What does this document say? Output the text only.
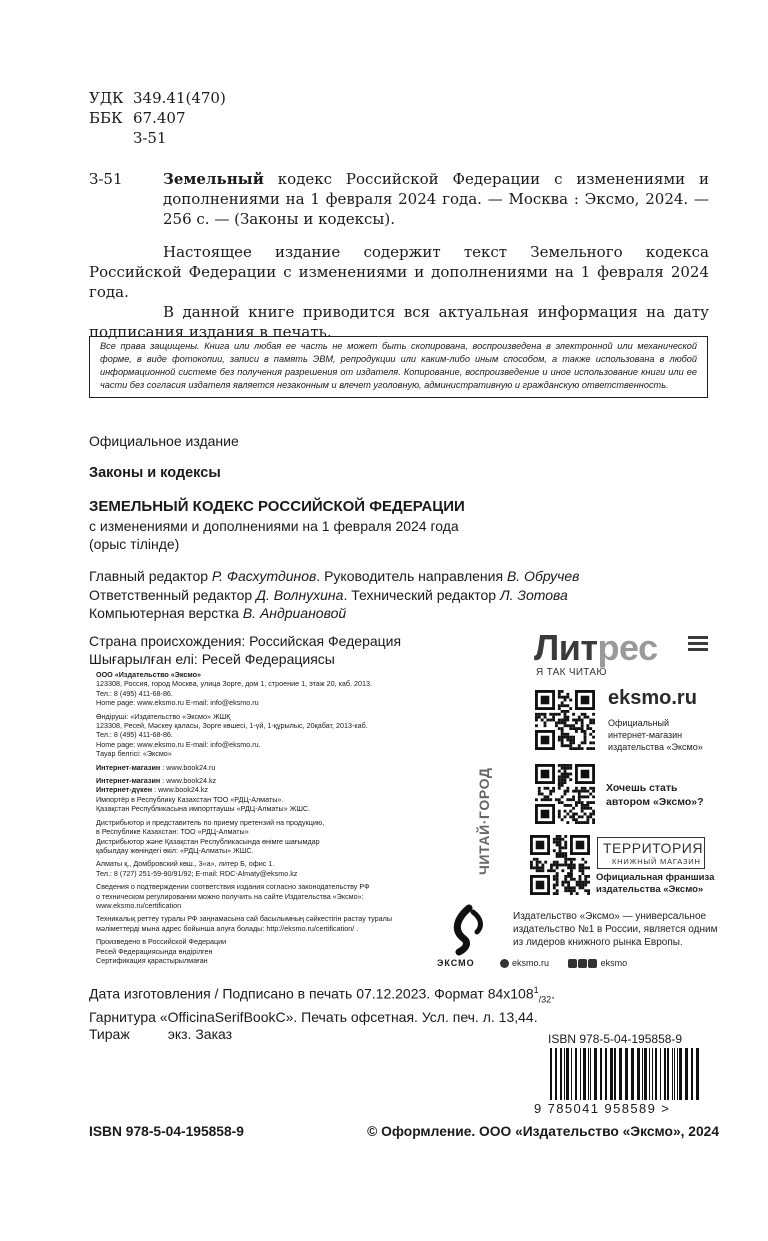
УДК 349.41(470)
ББК 67.407
З-51
З-51	Земельный кодекс Российской Федерации с изменениями и дополнениями на 1 февраля 2024 года. — Москва : Эксмо, 2024. — 256 с. — (Законы и кодексы).

Настоящее издание содержит текст Земельного кодекса Российской Федерации с изменениями и дополнениями на 1 февраля 2024 года.

В данной книге приводится вся актуальная информация на дату подписания издания в печать.

Все права защищены. Книга или любая ее часть не может быть скопирована, воспроизведена в электронной или механической форме, в виде фотокопии, записи в память ЭВМ, репродукции или каким-либо иным способом, а также использована в любой информационной системе без получения разрешения от издателя. Копирование, воспроизведение и иное использование книги или ее части без согласия издателя является незаконным и влечет уголовную, административную и гражданскую ответственность.
Официальное издание
Законы и кодексы
ЗЕМЕЛЬНЫЙ КОДЕКС РОССИЙСКОЙ ФЕДЕРАЦИИ
с изменениями и дополнениями на 1 февраля 2024 года
(орыс тілінде)
Главный редактор Р. Фасхутдинов. Руководитель направления В. Обручев
Ответственный редактор Д. Волнухина. Технический редактор Л. Зотова
Компьютерная верстка В. Андриановой
Страна происхождения: Российская Федерация
Шығарылған елі: Ресей Федерациясы
ООО «Издательство «Эксмо»
123308, Россия, город Москва, улица Зорге, дом 1, строение 1, этаж 20, каб. 2013.
Тел.: 8 (495) 411-68-86.
Home page: www.eksmo.ru E-mail: info@eksmo.ru
Өндіруші: «Издательство «Эксмо» ЖШҚ
123308, Ресей, Мәскеу қаласы, Зорге көшесі, 1-үй, 1-құрылыс, 20қабат, 2013-каб.
Тел.: 8 (495) 411-68-86.
Home page: www.eksmo.ru E-mail: info@eksmo.ru.
Тауар белгісі: «Эксмо»
Интернет-магазин : www.book24.ru
Интернет-магазин : www.book24.kz
Интернет-дүкен : www.book24.kz
Импортёр в Республику Казахстан ТОО «РДЦ-Алматы».
Қазақстан Республикасына импорттаушы «РДЦ-Алматы» ЖШС.
Дистрибьютор и представитель по приему претензий на продукцию,
в Республике Казахстан: ТОО «РДЦ-Алматы»
Дистрибьютор және Қазақстан Республикасында өнімге шағымдар
қабылдау жөніндегі өкіл: «РДЦ-Алматы» ЖШС.
Алматы қ., Домбровский көш., 3«а», литер Б, офис 1.
Тел.: 8 (727) 251-59-90/91/92; E-mail: RDC-Almaty@eksmo.kz
Сведения о подтверждении соответствия издания согласно законодательству РФ
о техническом регулировании можно получить на сайте Издательства «Эксмо»:
www.eksmo.ru/certification
Техникалық реттеу туралы РФ заңнамасына сай басылымның сәйкестігін растау туралы
мәліметтерді мына адрес бойынша алуға болады: http://eksmo.ru/certification/ .
Произведено в Российской Федерации
Ресей Федерациясында өндірілген
Сертификация қарастырылмаған
Литрес
Я ТАК ЧИТАЮ
ЧИТАЙ·ГОРОД
eksmo.ru
Официальный
интернет-магазин
издательства «Эксмо»
Хочешь стать
автором «Эксмо»?
ТЕРРИТОРИЯ
КНИЖНЫЙ МАГАЗИН
Официальная франшиза
издательства «Эксмо»
ЭКСМО
Издательство «Эксмо» — универсальное издательство №1 в России, является одним из лидеров книжного рынка Европы.
eksmo.ru	eksmo
Дата изготовления / Подписано в печать 07.12.2023. Формат $84x108^1_{/32}$.
Гарнитура «OfficinaSerifBookC». Печать офсетная. Усл. печ. л. 13,44.
Тираж	экз. Заказ	ISBN 978-5-04-195858-9
9 785041 958589 >
ISBN 978-5-04-195858-9	© Оформление. ООО «Издательство «Эксмо», 2024
